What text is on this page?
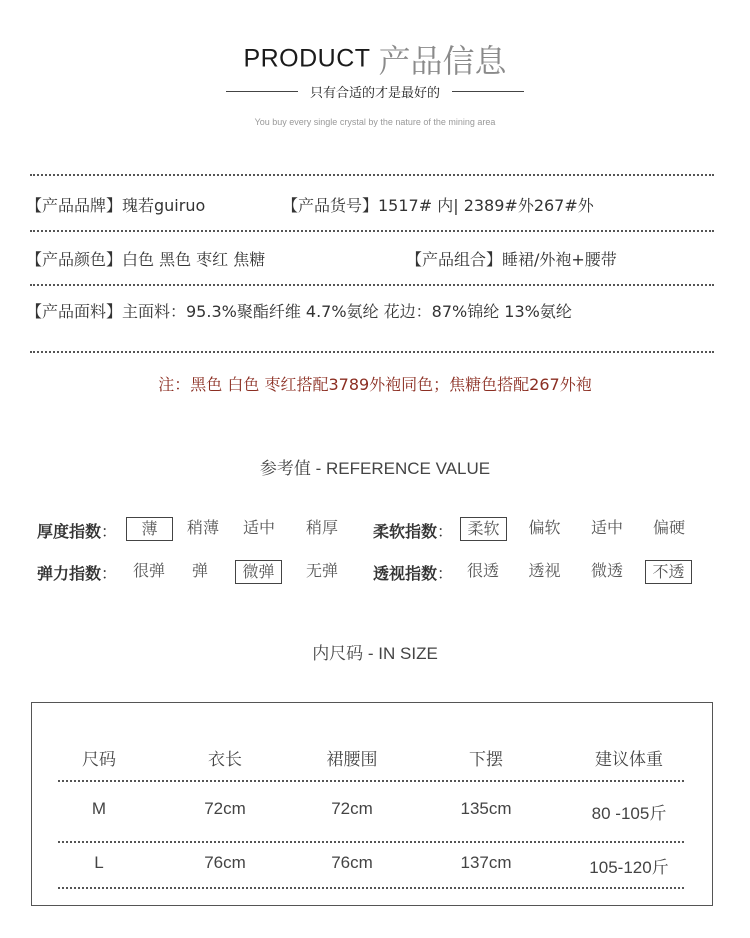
PRODUCT 产品信息
只有合适的才是最好的
You buy every single crystal by the nature of the mining area
【产品品牌】瑰若guiruo	【产品货号】1517# 内| 2389#外267#外
【产品颜色】白色 黑色 枣红 焦糖	【产品组合】睡裙/外袍+腰带
【产品面料】主面料：95.3%聚酯纤维 4.7%氨纶 花边：87%锦纶 13%氨纶
注：黑色 白色 枣红搭配3789外袍同色；焦糖色搭配267外袍
参考值 - REFERENCE VALUE
厚度指数：	薄	稍薄	适中	稍厚	柔软指数： 柔软	偏软	适中	偏硬
弹力指数： 很弹	弹	微弹	无弹	透视指数： 很透	透视	微透	不透
内尺码 - IN SIZE
尺码	衣长	裙腰围	下摆	建议体重
M	72cm	72cm	135cm	80 -105斤
L	76cm	76cm	137cm	105-120斤
